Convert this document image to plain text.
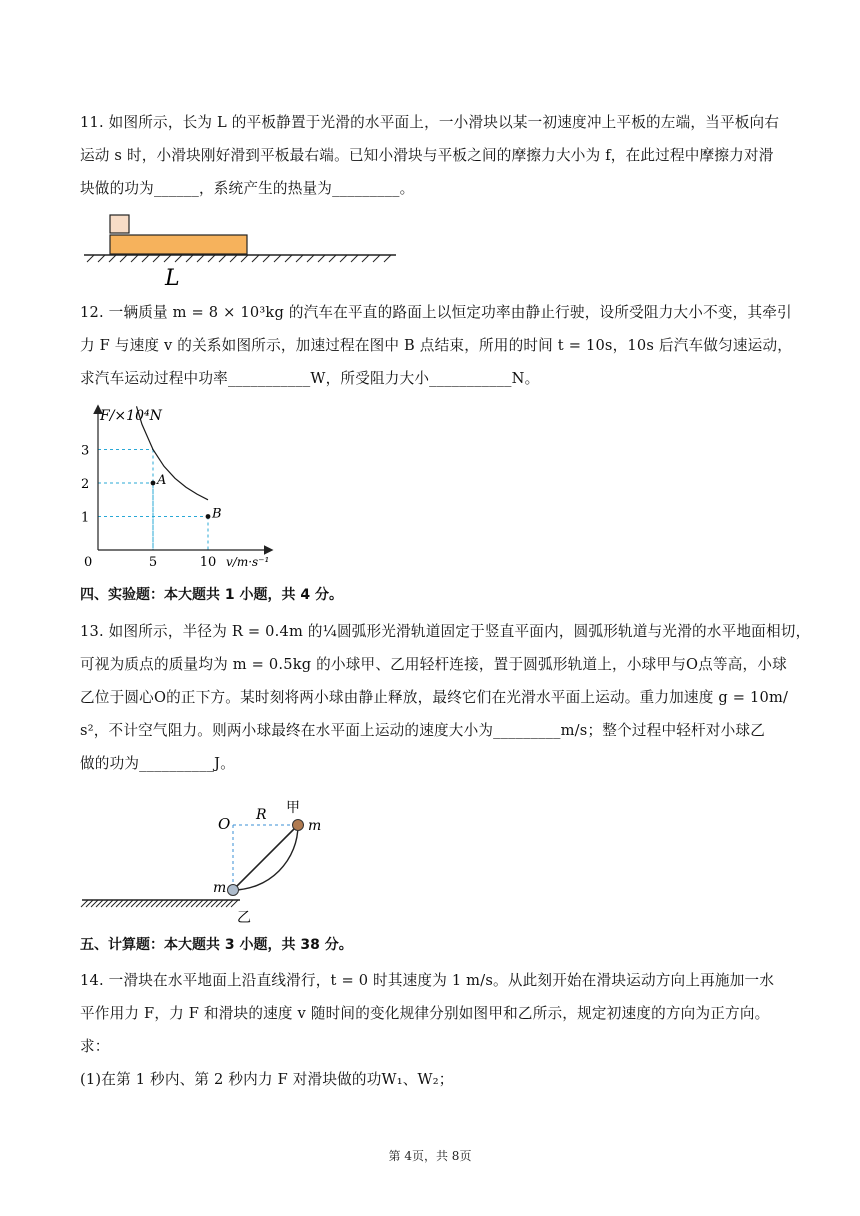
11. 如图所示，长为 L 的平板静置于光滑的水平面上，一小滑块以某一初速度冲上平板的左端，当平板向右
运动 s 时，小滑块刚好滑到平板最右端。已知小滑块与平板之间的摩擦力大小为 f，在此过程中摩擦力对滑
块做的功为______，系统产生的热量为_________。
L
12. 一辆质量 m = 8 × 10³kg 的汽车在平直的路面上以恒定功率由静止行驶，设所受阻力大小不变，其牵引
力 F 与速度 v 的关系如图所示，加速过程在图中 B 点结束，所用的时间 t = 10s，10s 后汽车做匀速运动，
求汽车运动过程中功率___________W，所受阻力大小___________N。
1
2
3
5	10
A
B
F/×10⁴N
v/m·s⁻¹
0
四、实验题：本大题共 1 小题，共 4 分。
13. 如图所示，半径为 R = 0.4m 的¼圆弧形光滑轨道固定于竖直平面内，圆弧形轨道与光滑的水平地面相切，
可视为质点的质量均为 m = 0.5kg 的小球甲、乙用轻杆连接，置于圆弧形轨道上，小球甲与O点等高，小球
乙位于圆心O的正下方。某时刻将两小球由静止释放，最终它们在光滑水平面上运动。重力加速度 g = 10m/
s²，不计空气阻力。则两小球最终在水平面上运动的速度大小为_________m/s；整个过程中轻杆对小球乙
做的功为__________J。
O R 甲
m
m
乙
五、计算题：本大题共 3 小题，共 38 分。
14. 一滑块在水平地面上沿直线滑行，t = 0 时其速度为 1 m/s。从此刻开始在滑块运动方向上再施加一水
平作用力 F，力 F 和滑块的速度 v 随时间的变化规律分别如图甲和乙所示，规定初速度的方向为正方向。
求：
(1)在第 1 秒内、第 2 秒内力 F 对滑块做的功W₁、W₂；
第 4页，共 8页
